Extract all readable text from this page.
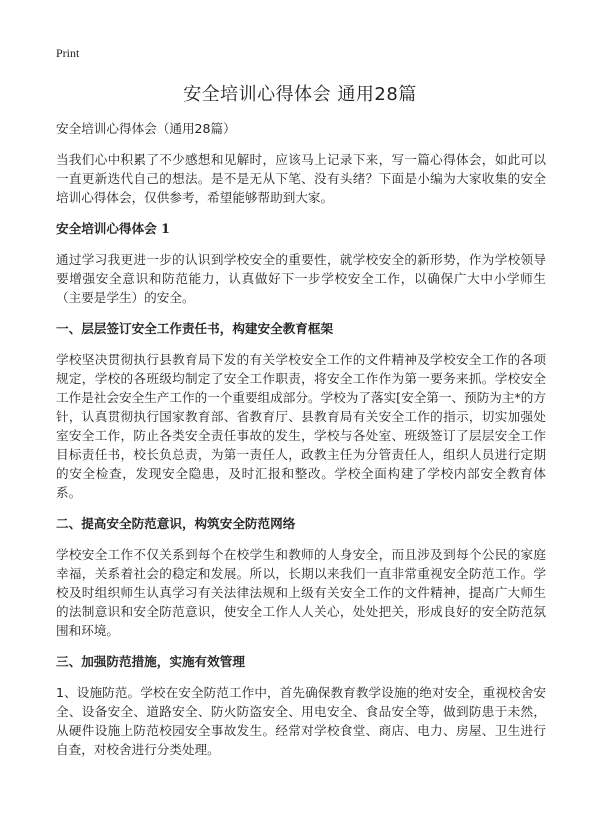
Print
安全培训心得体会 通用28篇

安全培训心得体会（通用28篇）

当我们心中积累了不少感想和见解时，应该马上记录下来，写一篇心得体会，如此可以一直更新迭代自己的想法。是不是无从下笔、没有头绪？下面是小编为大家收集的安全培训心得体会，仅供参考，希望能够帮助到大家。

安全培训心得体会 1

通过学习我更进一步的认识到学校安全的重要性，就学校安全的新形势，作为学校领导要增强安全意识和防范能力，认真做好下一步学校安全工作，以确保广大中小学师生（主要是学生）的安全。

一、层层签订安全工作责任书，构建安全教育框架

学校坚决贯彻执行县教育局下发的有关学校安全工作的文件精神及学校安全工作的各项规定，学校的各班级均制定了安全工作职责，将安全工作作为第一要务来抓。学校安全工作是社会安全生产工作的一个重要组成部分。学校为了落实[安全第一、预防为主*的方针，认真贯彻执行国家教育部、省教育厅、县教育局有关安全工作的指示，切实加强处室安全工作，防止各类安全责任事故的发生，学校与各处室、班级签订了层层安全工作目标责任书，校长负总责，为第一责任人，政教主任为分管责任人，组织人员进行定期的安全检查，发现安全隐患，及时汇报和整改。学校全面构建了学校内部安全教育体系。

二、提高安全防范意识，构筑安全防范网络

学校安全工作不仅关系到每个在校学生和教师的人身安全，而且涉及到每个公民的家庭幸福，关系着社会的稳定和发展。所以，长期以来我们一直非常重视安全防范工作。学校及时组织师生认真学习有关法律法规和上级有关安全工作的文件精神，提高广大师生的法制意识和安全防范意识，使安全工作人人关心，处处把关，形成良好的安全防范氛围和环境。

三、加强防范措施，实施有效管理

1、设施防范。学校在安全防范工作中，首先确保教育教学设施的绝对安全，重视校舍安全、设备安全、道路安全、防火防盗安全、用电安全、食品安全等，做到防患于未然，从硬件设施上防范校园安全事故发生。经常对学校食堂、商店、电力、房屋、卫生进行自查，对校舍进行分类处理。
